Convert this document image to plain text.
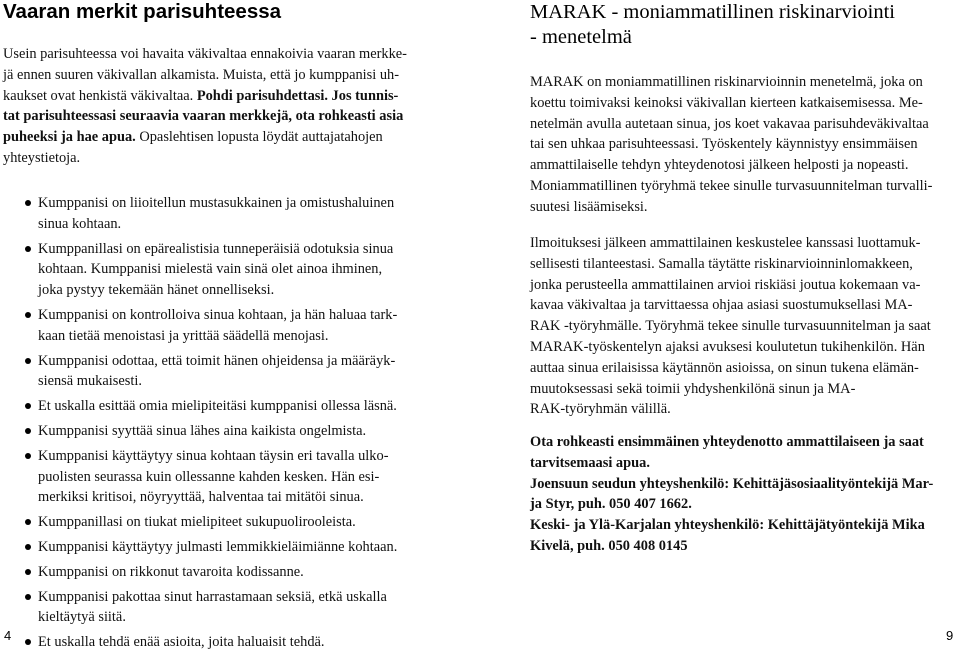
Vaaran merkit parisuhteessa
Usein parisuhteessa voi havaita väkivaltaa ennakoivia vaaran merkke-
jä ennen suuren väkivallan alkamista. Muista, että jo kumppanisi uh-
kaukset ovat henkistä väkivaltaa. Pohdi parisuhdettasi. Jos tunnis-
tat parisuhteessasi seuraavia vaaran merkkejä, ota rohkeasti asia
puheeksi ja hae apua. Opaslehtisen lopusta löydät auttajatahojen
yhteystietoja.
Kumppanisi on liioitellun mustasukkainen ja omistushaluinen
sinua kohtaan.
Kumppanillasi on epärealistisia tunneperäisiä odotuksia sinua
kohtaan. Kumppanisi mielestä vain sinä olet ainoa ihminen,
joka pystyy tekemään hänet onnelliseksi.
Kumppanisi on kontrolloiva sinua kohtaan, ja hän haluaa tark-
kaan tietää menoistasi ja yrittää säädellä menojasi.
Kumppanisi odottaa, että toimit hänen ohjeidensa ja määräyk-
siensä mukaisesti.
Et uskalla esittää omia mielipiteitäsi kumppanisi ollessa läsnä.
Kumppanisi syyttää sinua lähes aina kaikista ongelmista.
Kumppanisi käyttäytyy sinua kohtaan täysin eri tavalla ulko-
puolisten seurassa kuin ollessanne kahden kesken. Hän esi-
merkiksi kritisoi, nöyryyttää, halventaa tai mitätöi sinua.
Kumppanillasi on tiukat mielipiteet sukupuolirooleista.
Kumppanisi käyttäytyy julmasti lemmikkieläimiänne kohtaan.
Kumppanisi on rikkonut tavaroita kodissanne.
Kumppanisi pakottaa sinut harrastamaan seksiä, etkä uskalla
kieltäytyä siitä.
Et uskalla tehdä enää asioita, joita haluaisit tehdä.
MARAK - moniammatillinen riskinarviointi
- menetelmä
MARAK on moniammatillinen riskinarvioinnin menetelmä, joka on
koettu toimivaksi keinoksi väkivallan kierteen katkaisemisessa. Me-
netelmän avulla autetaan sinua, jos koet vakavaa parisuhdeväkivaltaa
tai sen uhkaa parisuhteessasi. Työskentely käynnistyy ensimmäisen
ammattilaiselle tehdyn yhteydenotosi jälkeen helposti ja nopeasti.
Moniammatillinen työryhmä tekee sinulle turvasuunnitelman turvalli-
suutesi lisäämiseksi.
Ilmoituksesi jälkeen ammattilainen keskustelee kanssasi luottamuk-
sellisesti tilanteestasi. Samalla täytätte riskinarvioinninlomakkeen,
jonka perusteella ammattilainen arvioi riskiäsi joutua kokemaan va-
kavaa väkivaltaa ja tarvittaessa ohjaa asiasi suostumuksellasi MA-
RAK -työryhmälle. Työryhmä tekee sinulle turvasuunnitelman ja saat
MARAK-työskentelyn ajaksi avuksesi koulutetun tukihenkilön. Hän
auttaa sinua erilaisissa käytännön asioissa, on sinun tukena elämän-
muutoksessasi sekä toimii yhdyshenkilönä sinun ja MA-
RAK-työryhmän välillä.
Ota rohkeasti ensimmäinen yhteydenotto ammattilaiseen ja saat
tarvitsemaasi apua.
Joensuun seudun yhteyshenkilö: Kehittäjäsosiaalityöntekijä Mar-
ja Styr, puh. 050 407 1662.
Keski- ja Ylä-Karjalan yhteyshenkilö: Kehittäjätyöntekijä Mika
Kivelä, puh. 050 408 0145
4	9
